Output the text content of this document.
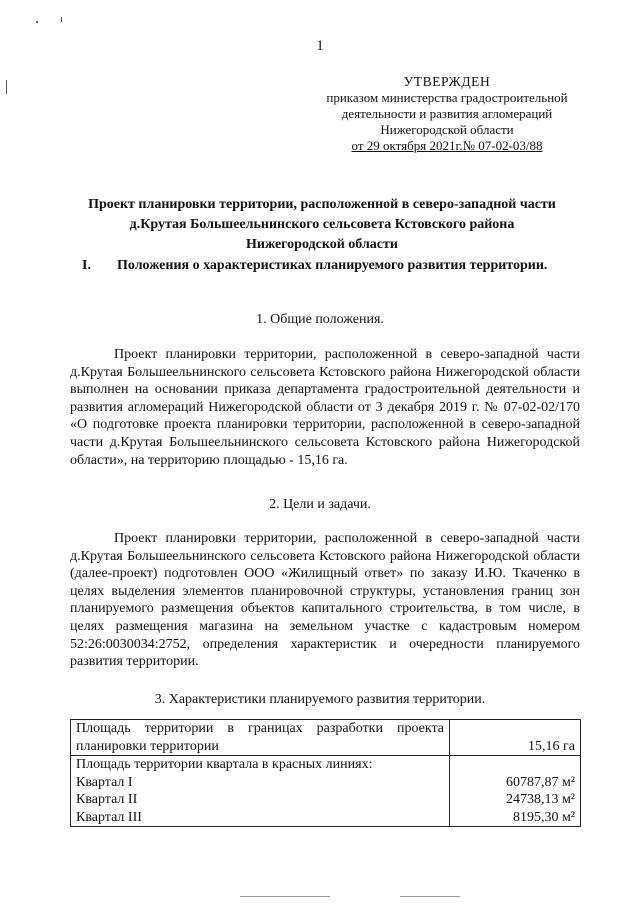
1
УТВЕРЖДЕН
приказом министерства градостроительной
деятельности и развития агломераций
Нижегородской области
от 29 октября 2021г.№ 07-02-03/88
Проект планировки территории, расположенной в северо-западной части
д.Крутая Большеельнинского сельсовета Кстовского района
Нижегородской области
I. Положения о характеристиках планируемого развития территории.
1. Общие положения.

Проект планировки территории, расположенной в северо-западной части д.Крутая Большеельнинского сельсовета Кстовского района Нижегородской области выполнен на основании приказа департамента градостроительной деятельности и развития агломераций Нижегородской области от 3 декабря 2019 г. № 07-02-02/170 «О подготовке проекта планировки территории, расположенной в северо-западной части д.Крутая Большеельнинского сельсовета Кстовского района Нижегородской области», на территорию площадью - 15,16 га.

2. Цели и задачи.

Проект планировки территории, расположенной в северо-западной части д.Крутая Большеельнинского сельсовета Кстовского района Нижегородской области (далее-проект) подготовлен ООО «Жилищный ответ» по заказу И.Ю. Ткаченко в целях выделения элементов планировочной структуры, установления границ зон планируемого размещения объектов капитального строительства, в том числе, в целях размещения магазина на земельном участке с кадастровым номером 52:26:0030034:2752, определения характеристик и очередности планируемого развития территории.

3. Характеристики планируемого развития территории.
Площадь территории в границах разработки проекта планировки территории	15,16 га
Площадь территории квартала в красных линиях:	
Квартал I	60787,87 м²
Квартал II	24738,13 м²
Квартал III	8195,30 м²
